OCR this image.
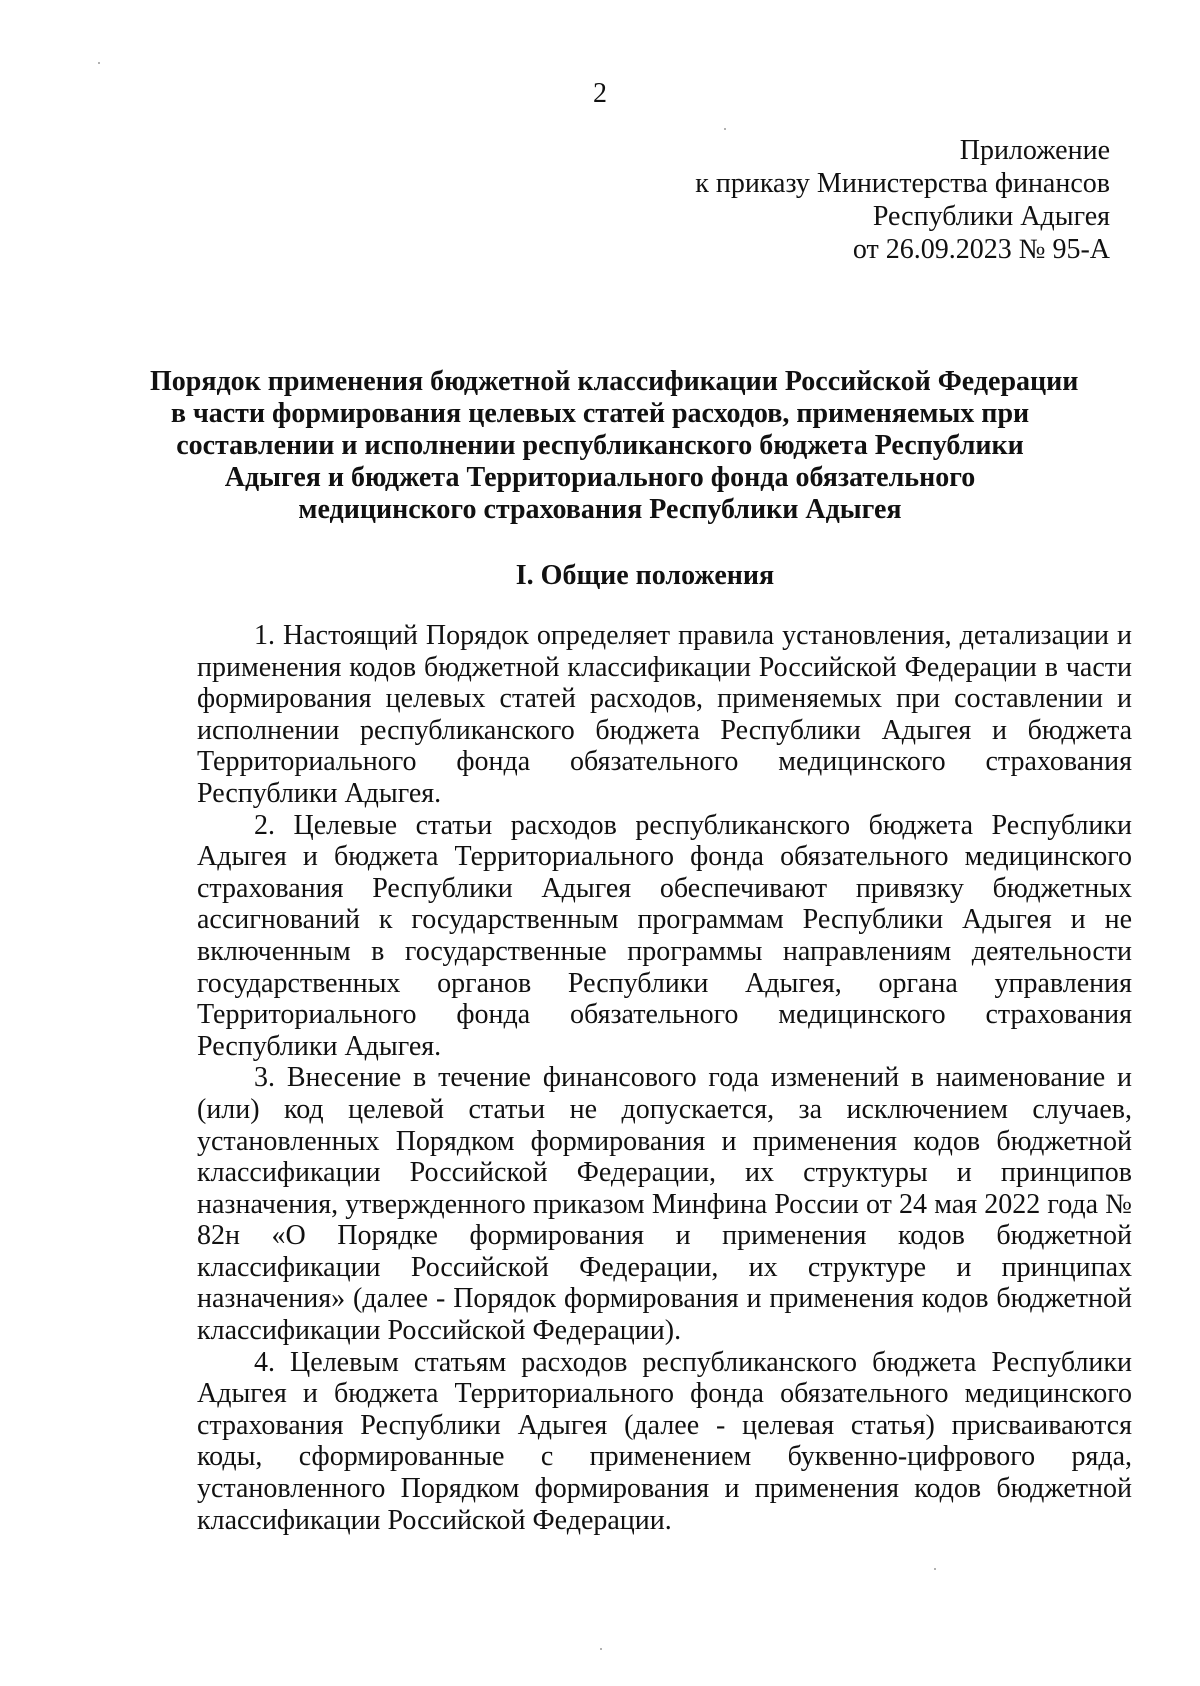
2
Приложение
к приказу Министерства финансов
Республики Адыгея
от 26.09.2023 № 95-А
Порядок применения бюджетной классификации Российской Федерации
в части формирования целевых статей расходов, применяемых при
составлении и исполнении республиканского бюджета Республики
Адыгея и бюджета Территориального фонда обязательного
медицинского страхования Республики Адыгея
I. Общие положения

1. Настоящий Порядок определяет правила установления, детализации и применения кодов бюджетной классификации Российской Федерации в части формирования целевых статей расходов, применяемых при составлении и исполнении республиканского бюджета Республики Адыгея и бюджета Территориального фонда обязательного медицинского страхования Республики Адыгея.

2. Целевые статьи расходов республиканского бюджета Республики Адыгея и бюджета Территориального фонда обязательного медицинского страхования Республики Адыгея обеспечивают привязку бюджетных ассигнований к государственным программам Республики Адыгея и не включенным в государственные программы направлениям деятельности государственных органов Республики Адыгея, органа управления Территориального фонда обязательного медицинского страхования Республики Адыгея.

3. Внесение в течение финансового года изменений в наименование и (или) код целевой статьи не допускается, за исключением случаев, установленных Порядком формирования и применения кодов бюджетной классификации Российской Федерации, их структуры и принципов назначения, утвержденного приказом Минфина России от 24 мая 2022 года № 82н «О Порядке формирования и применения кодов бюджетной классификации Российской Федерации, их структуре и принципах назначения» (далее - Порядок формирования и применения кодов бюджетной классификации Российской Федерации).

4. Целевым статьям расходов республиканского бюджета Республики Адыгея и бюджета Территориального фонда обязательного медицинского страхования Республики Адыгея (далее - целевая статья) присваиваются коды, сформированные с применением буквенно-цифрового ряда, установленного Порядком формирования и применения кодов бюджетной классификации Российской Федерации.
